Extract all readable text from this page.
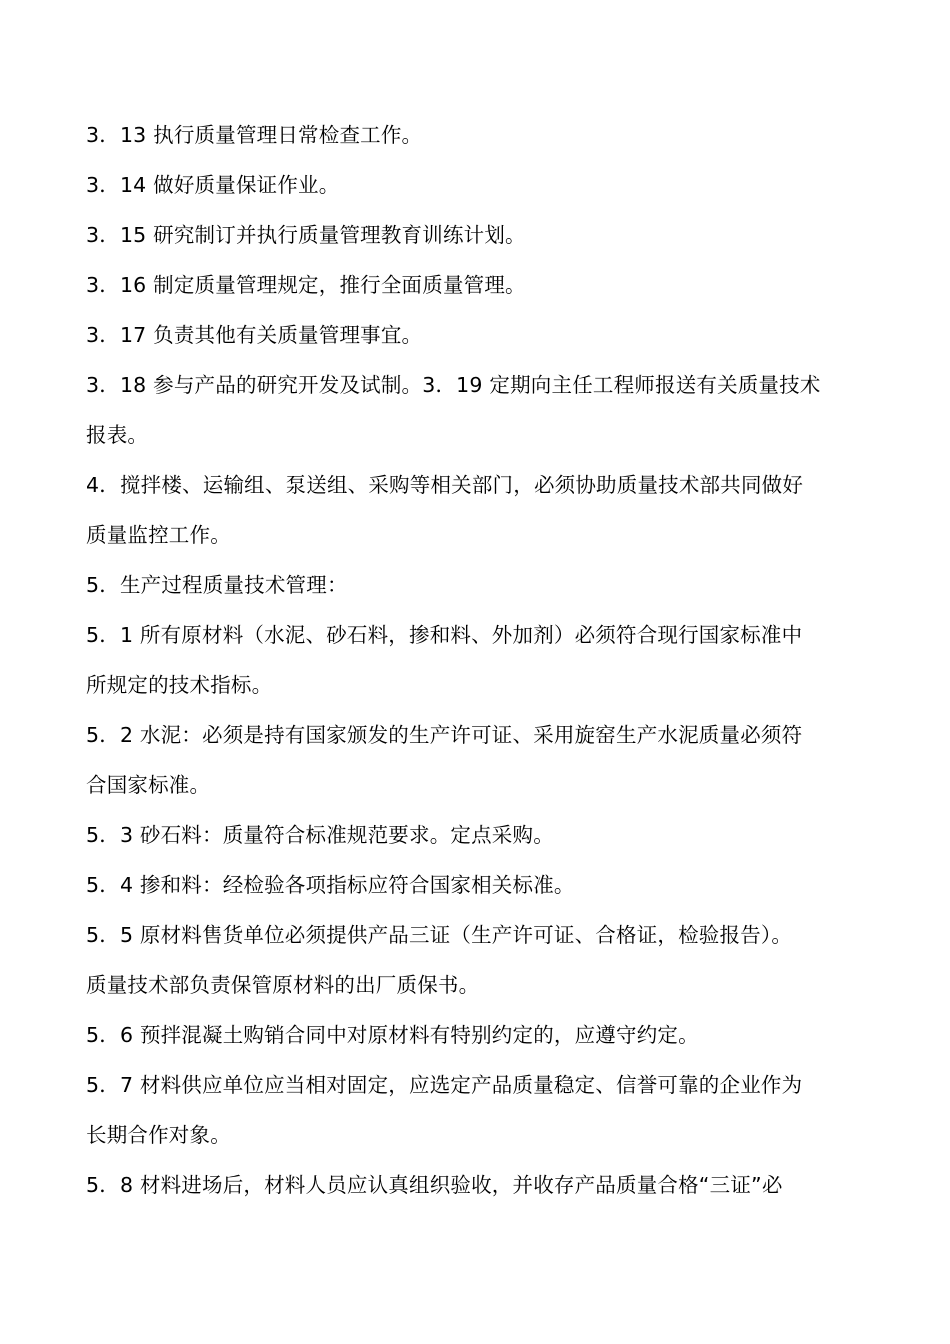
3．13 执行质量管理日常检查工作。
3．14 做好质量保证作业。
3．15 研究制订并执行质量管理教育训练计划。
3．16 制定质量管理规定，推行全面质量管理。
3．17 负责其他有关质量管理事宜。
3．18 参与产品的研究开发及试制。3．19 定期向主任工程师报送有关质量技术
报表。
4．搅拌楼、运输组、泵送组、采购等相关部门，必须协助质量技术部共同做好
质量监控工作。
5．生产过程质量技术管理：
5．1 所有原材料（水泥、砂石料，掺和料、外加剂）必须符合现行国家标准中
所规定的技术指标。
5．2 水泥：必须是持有国家颁发的生产许可证、采用旋窑生产水泥质量必须符
合国家标准。
5．3 砂石料：质量符合标准规范要求。定点采购。
5．4 掺和料：经检验各项指标应符合国家相关标准。
5．5 原材料售货单位必须提供产品三证（生产许可证、合格证，检验报告）。
质量技术部负责保管原材料的出厂质保书。
5．6 预拌混凝土购销合同中对原材料有特别约定的，应遵守约定。
5．7 材料供应单位应当相对固定，应选定产品质量稳定、信誉可靠的企业作为
长期合作对象。
5．8 材料进场后，材料人员应认真组织验收，并收存产品质量合格“三证”必
